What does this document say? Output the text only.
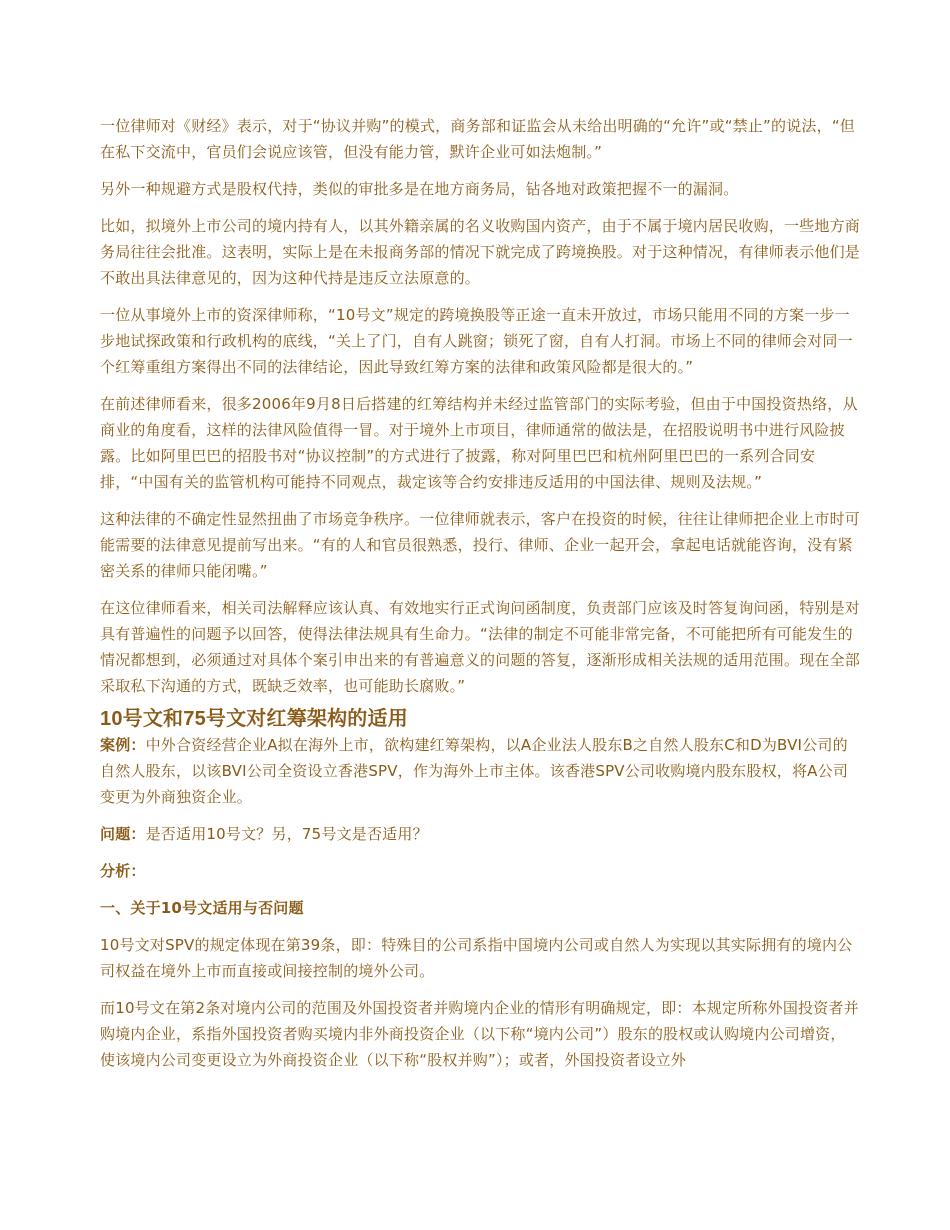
一位律师对《财经》表示，对于“协议并购”的模式，商务部和证监会从未给出明确的“允许”或“禁止”的说法，“但在私下交流中，官员们会说应该管，但没有能力管，默许企业可如法炮制。”

另外一种规避方式是股权代持，类似的审批多是在地方商务局，钻各地对政策把握不一的漏洞。

比如，拟境外上市公司的境内持有人，以其外籍亲属的名义收购国内资产，由于不属于境内居民收购，一些地方商务局往往会批准。这表明，实际上是在未报商务部的情况下就完成了跨境换股。对于这种情况，有律师表示他们是不敢出具法律意见的，因为这种代持是违反立法原意的。

一位从事境外上市的资深律师称，“10号文”规定的跨境换股等正途一直未开放过，市场只能用不同的方案一步一步地试探政策和行政机构的底线，“关上了门，自有人跳窗；锁死了窗，自有人打洞。市场上不同的律师会对同一个红筹重组方案得出不同的法律结论，因此导致红筹方案的法律和政策风险都是很大的。”

在前述律师看来，很多2006年9月8日后搭建的红筹结构并未经过监管部门的实际考验，但由于中国投资热络，从商业的角度看，这样的法律风险值得一冒。对于境外上市项目，律师通常的做法是，在招股说明书中进行风险披露。比如阿里巴巴的招股书对“协议控制”的方式进行了披露，称对阿里巴巴和杭州阿里巴巴的一系列合同安排，“中国有关的监管机构可能持不同观点，裁定该等合约安排违反适用的中国法律、规则及法规。”

这种法律的不确定性显然扭曲了市场竞争秩序。一位律师就表示，客户在投资的时候，往往让律师把企业上市时可能需要的法律意见提前写出来。“有的人和官员很熟悉，投行、律师、企业一起开会，拿起电话就能咨询，没有紧密关系的律师只能闭嘴。”

在这位律师看来，相关司法解释应该认真、有效地实行正式询问函制度，负责部门应该及时答复询问函，特别是对具有普遍性的问题予以回答，使得法律法规具有生命力。“法律的制定不可能非常完备，不可能把所有可能发生的情况都想到，必须通过对具体个案引申出来的有普遍意义的问题的答复，逐渐形成相关法规的适用范围。现在全部采取私下沟通的方式，既缺乏效率，也可能助长腐败。”

10号文和75号文对红筹架构的适用

案例：中外合资经营企业A拟在海外上市，欲构建红筹架构，以A企业法人股东B之自然人股东C和D为BVI公司的自然人股东，以该BVI公司全资设立香港SPV，作为海外上市主体。该香港SPV公司收购境内股东股权，将A公司变更为外商独资企业。

问题：是否适用10号文？另，75号文是否适用？

分析：

一、关于10号文适用与否问题

10号文对SPV的规定体现在第39条，即：特殊目的公司系指中国境内公司或自然人为实现以其实际拥有的境内公司权益在境外上市而直接或间接控制的境外公司。

而10号文在第2条对境内公司的范围及外国投资者并购境内企业的情形有明确规定，即：本规定所称外国投资者并购境内企业，系指外国投资者购买境内非外商投资企业（以下称“境内公司”）股东的股权或认购境内公司增资，使该境内公司变更设立为外商投资企业（以下称“股权并购”）；或者，外国投资者设立外
